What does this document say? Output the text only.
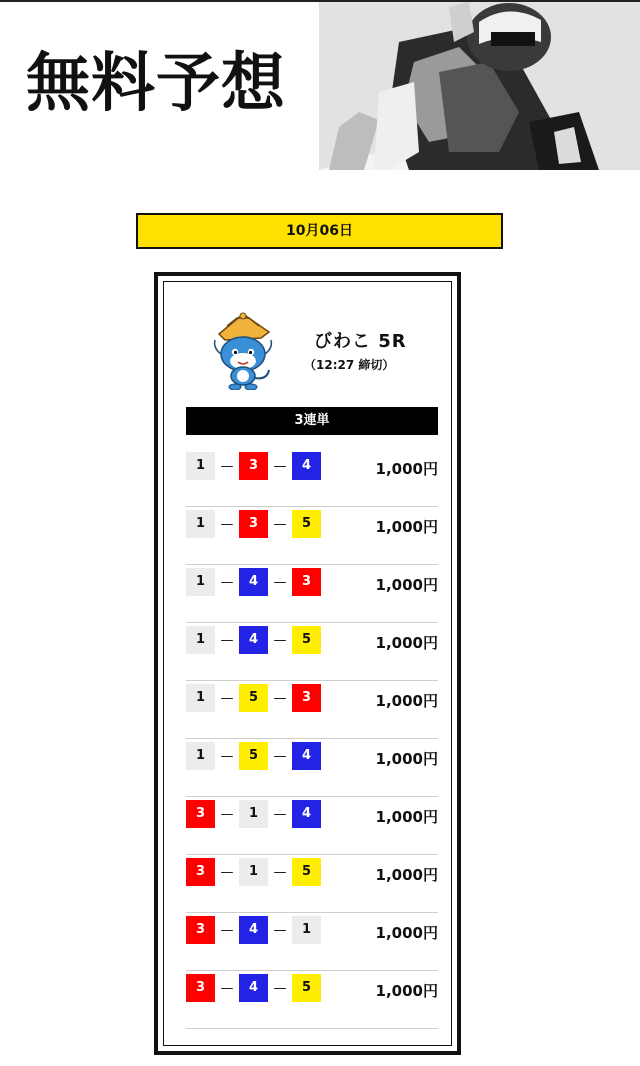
無料予想
10月06日
びわこ 5R
（12:27 締切）
3連単
1	—	3	—	4	1,000円
1	—	3	—	5	1,000円
1	—	4	—	3	1,000円
1	—	4	—	5	1,000円
1	—	5	—	3	1,000円
1	—	5	—	4	1,000円
3	—	1	—	4	1,000円
3	—	1	—	5	1,000円
3	—	4	—	1	1,000円
3	—	4	—	5	1,000円
